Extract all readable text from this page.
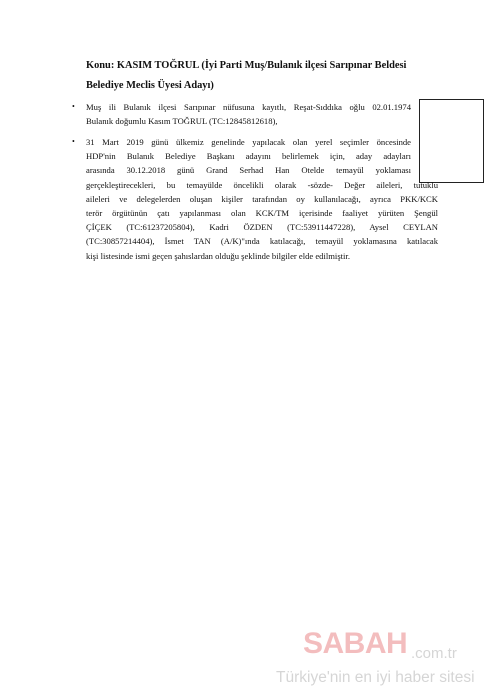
Konu: KASIM TOĞRUL (İyi Parti Muş/Bulanık ilçesi Sarıpınar Beldesi
Belediye Meclis Üyesi Adayı)
• Muş ili Bulanık ilçesi Sarıpınar nüfusuna kayıtlı, Reşat-Sıddıka oğlu 02.01.1974
Bulanık doğumlu Kasım TOĞRUL (TC:12845812618),
• 31 Mart 2019 günü ülkemiz genelinde yapılacak olan yerel seçimler öncesinde
HDP'nin Bulanık Belediye Başkanı adayını belirlemek için, aday adayları
arasında 30.12.2018 günü Grand Serhad Han Otelde temayül yoklaması
gerçekleştirecekleri, bu temayülde öncelikli olarak -sözde- Değer aileleri, tutuklu
aileleri ve delegelerden oluşan kişiler tarafından oy kullanılacağı, ayrıca PKK/KCK
terör örgütünün çatı yapılanması olan KCK/TM içerisinde faaliyet yürüten Şengül
ÇİÇEK (TC:61237205804), Kadri ÖZDEN (TC:53911447228), Aysel CEYLAN
(TC:30857214404), İsmet TAN (A/K)"ında katılacağı, temayül yoklamasına katılacak
kişi listesinde ismi geçen şahıslardan olduğu şeklinde bilgiler elde edilmiştir.
SABAH .com.tr
Türkiye'nin en iyi haber sitesi
